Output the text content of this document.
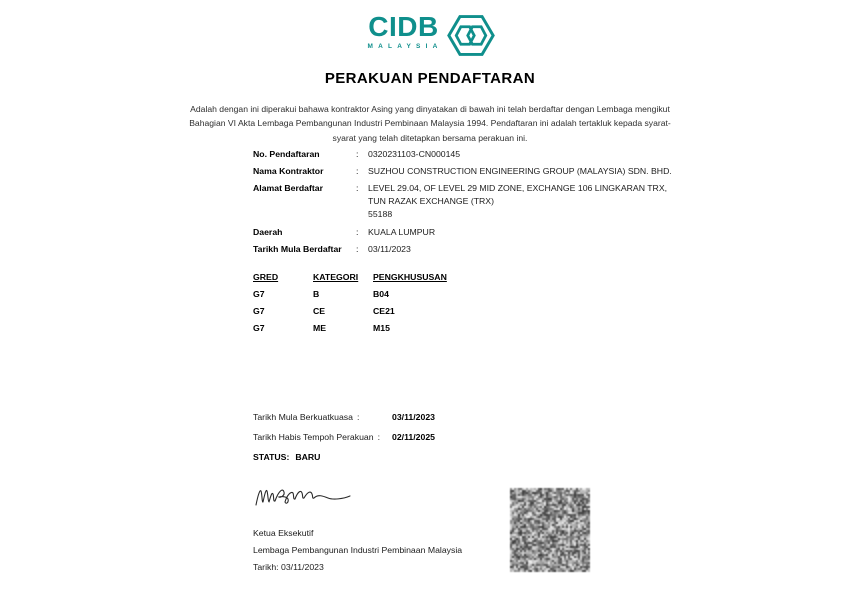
CIDB
MALAYSIA
PERAKUAN PENDAFTARAN
Adalah dengan ini diperakui bahawa kontraktor Asing yang dinyatakan di bawah ini telah berdaftar dengan Lembaga mengikut
Bahagian VI Akta Lembaga Pembangunan Industri Pembinaan Malaysia 1994. Pendaftaran ini adalah tertakluk kepada syarat-
syarat yang telah ditetapkan bersama perakuan ini.
No. Pendaftaran	:	0320231103-CN000145
Nama Kontraktor	:	SUZHOU CONSTRUCTION ENGINEERING GROUP (MALAYSIA) SDN. BHD.
Alamat Berdaftar	:	LEVEL 29.04, OF LEVEL 29 MID ZONE, EXCHANGE 106 LINGKARAN TRX,
TUN RAZAK EXCHANGE (TRX)
55188
Daerah	:	KUALA LUMPUR
Tarikh Mula Berdaftar	:	03/11/2023
GRED	KATEGORI	PENGKHUSUSAN
G7	B	B04
G7	CE	CE21
G7	ME	M15
Tarikh Mula Berkuatkuasa :	03/11/2023
Tarikh Habis Tempoh Perakuan : 02/11/2025
STATUS: BARU
Ketua Eksekutif
Lembaga Pembangunan Industri Pembinaan Malaysia
Tarikh: 03/11/2023
